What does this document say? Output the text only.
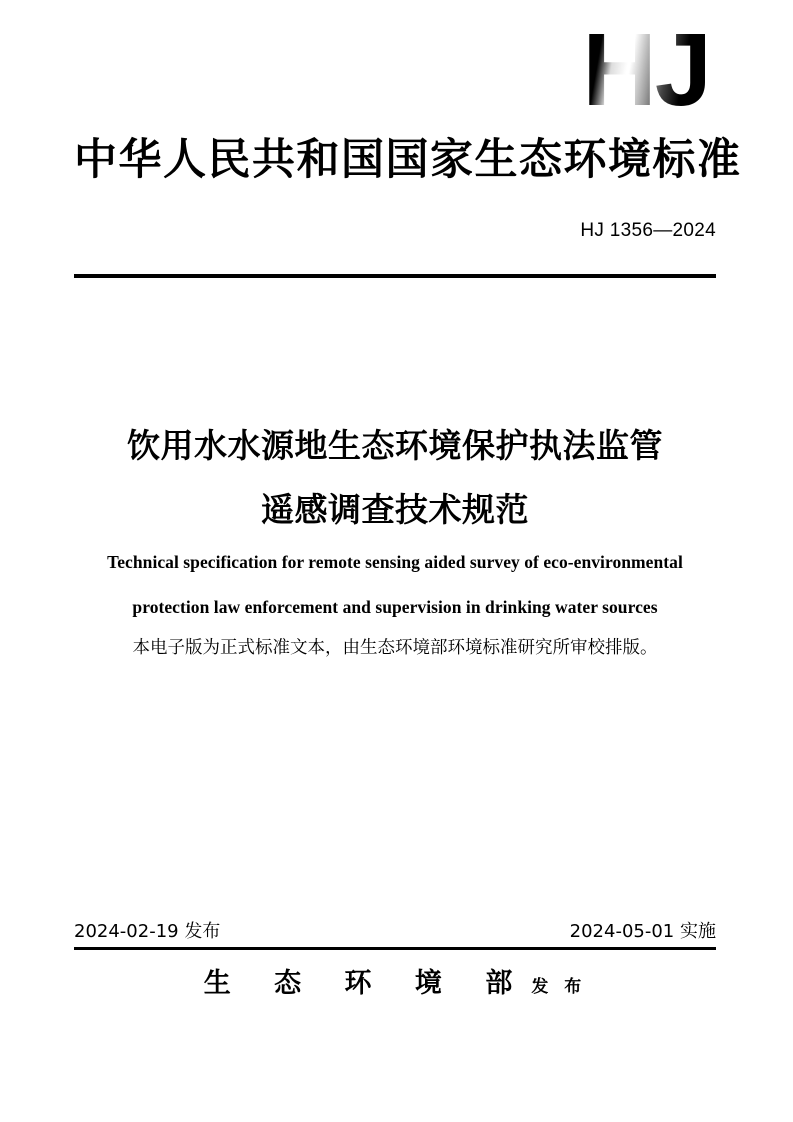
HJ
中华人民共和国国家生态环境标准
HJ 1356—2024
饮用水水源地生态环境保护执法监管
遥感调查技术规范
Technical specification for remote sensing aided survey of eco-environmental
protection law enforcement and supervision in drinking water sources
本电子版为正式标准文本，由生态环境部环境标准研究所审校排版。
2024-02-19 发布	2024-05-01 实施
生 态 环 境 部 发 布
